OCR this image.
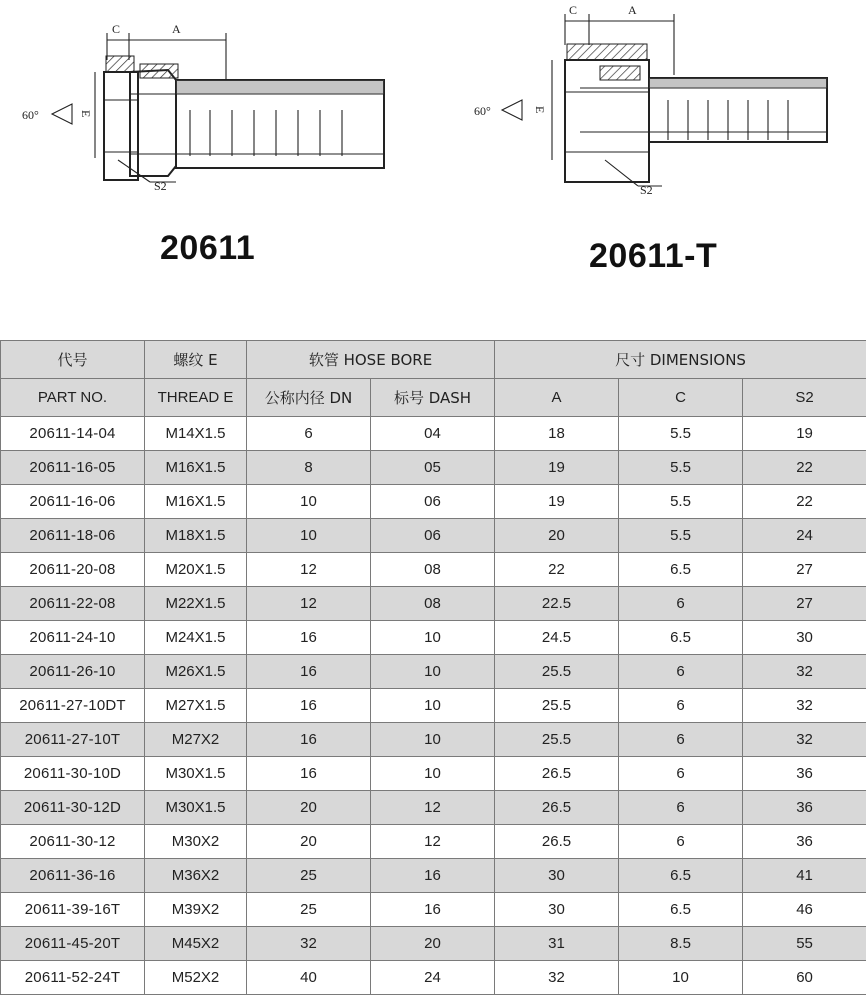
C	A
60°	E
S2
C	A
60°	E
S2
20611	20611-T
代号	螺纹 E	软管 HOSE BORE		尺寸 DIMENSIONS		
PART NO.	THREAD E	公称内径 DN	标号 DASH	A	C	S2
20611-14-04	M14X1.5	6	04	18	5.5	19
20611-16-05	M16X1.5	8	05	19	5.5	22
20611-16-06	M16X1.5	10	06	19	5.5	22
20611-18-06	M18X1.5	10	06	20	5.5	24
20611-20-08	M20X1.5	12	08	22	6.5	27
20611-22-08	M22X1.5	12	08	22.5	6	27
20611-24-10	M24X1.5	16	10	24.5	6.5	30
20611-26-10	M26X1.5	16	10	25.5	6	32
20611-27-10DT	M27X1.5	16	10	25.5	6	32
20611-27-10T	M27X2	16	10	25.5	6	32
20611-30-10D	M30X1.5	16	10	26.5	6	36
20611-30-12D	M30X1.5	20	12	26.5	6	36
20611-30-12	M30X2	20	12	26.5	6	36
20611-36-16	M36X2	25	16	30	6.5	41
20611-39-16T	M39X2	25	16	30	6.5	46
20611-45-20T	M45X2	32	20	31	8.5	55
20611-52-24T	M52X2	40	24	32	10	60
